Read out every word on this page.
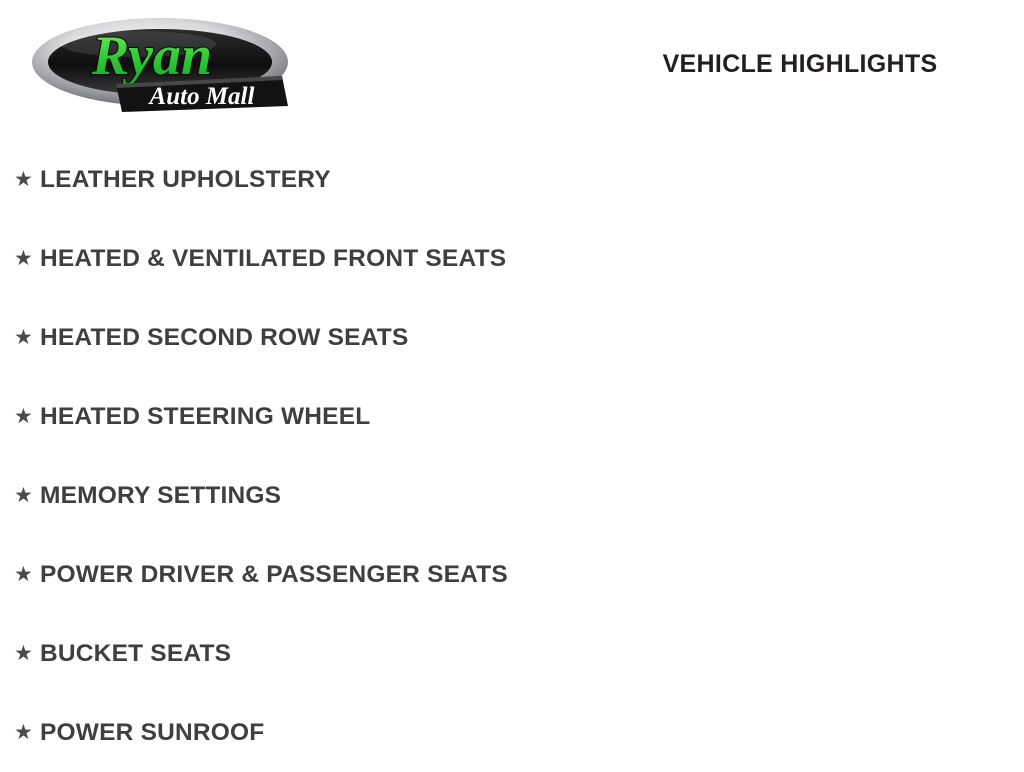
Ryan
Auto Mall
VEHICLE HIGHLIGHTS
★ LEATHER UPHOLSTERY
★ HEATED & VENTILATED FRONT SEATS
★ HEATED SECOND ROW SEATS
★ HEATED STEERING WHEEL
★ MEMORY SETTINGS
★ POWER DRIVER & PASSENGER SEATS
★ BUCKET SEATS
★ POWER SUNROOF
